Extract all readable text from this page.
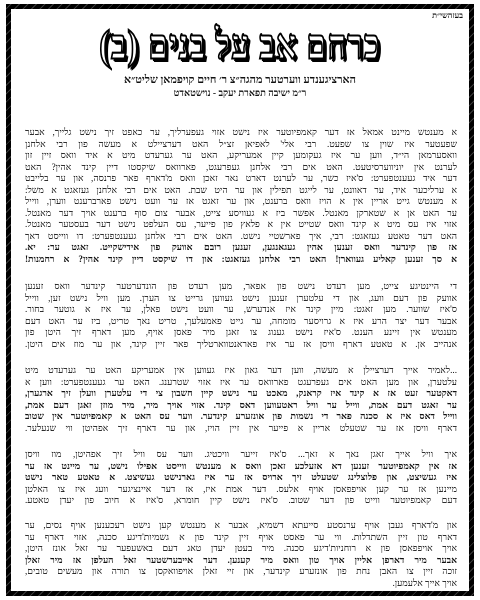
בעזהשי״ת
כרחם אב על בנים (ב)
הארציגענדע ווערטער מהגה״צ ר׳ חיים קויפמאן שליט״א
ר״מ ישיבה תפארת יעקב - נוישטאדט
א מענטש מיינט אמאל אז דער קאמפיוטער איז נישט אזוי געפערליך, ער כאפט זיך נישט גלייך, אבער
שפעטער איז שוין צו שפעט. רבי אלי' לאפיאן זצ״ל האט דערציילט א מעשה פון רבי אלחנן
וואסערמאן הי״ד, ווען ער איז געקומען קיין אמעריקע, האט ער גערעדט מיט א איד וואס זיין זון
לערנט אין יוניווערסיטעט. האט אים רבי אלחנן געפרעגט, פארוואס שיקסטו דיין קינד אהין? האט
דער איד געענטפערט: ס'איז כשר, ער לערנט דארט נאר זאכן וואס מ'דארף פאר פרנסה, און ער בלייבט
א ערליכער איד, ער דאוונט, ער לייגט תפילין און ער היט שבת. האט אים רבי אלחנן געזאגט א משל:
א מענטש גייט אריין אין א הויז וואס ברענט, און ער זאגט אז ער וועט נישט פארברענט ווערן, ווייל
ער האט אן א שטארקן מאנטל. אפשר ביז א געוויסע צייט, אבער צום סוף ברענט אויך דער מאנטל.
אזוי איז עס מיט א קינד וואס שטייט אין א פלאץ פון פייער, עס העלפט נישט דער בעסטער מאנטל.
האט דער טאטע געזאגט: רבי, איך פארשטיי נישט. האט אים רבי אלחנן געענטפערט: דו ווייסט דאך
אז פון קינדער וואס זענען אהין געגאנגען, זענען רובם אוועק פון אידישקייט. זאגט ער: יא.
א סך זענען קאליע געווארן! האט רבי אלחנן געזאגט: און דו שיקסט דיין קינד אהין? א רחמנות!
די היינטיגע צייט, מען רעדט נישט פון אפאר, מען רעדט פון הונדערטער קינדער וואס זענען
אוועק פון דעם וועג, און די עלטערן זענען נישט געווען גרייט צו הערן. מען וויל נישט זען, ווייל
ס'איז שווער. מען זאגט: מיין קינד איז אנדערש, ער וועט נישט פאלן, ער איז א גוטער בחור.
אבער דער יצר הרע איז א גרויסער מומחה, ער גייט פאמעלעך, טריט נאך טריט, ביז ער האט דעם
מענטש אין זיינע הענט. ס'איז נישט גענוג צו זאגן מיר פאסן אויף, מען דארף זיך היטן פון
אנהייב אן. א טאטע דארף וויסן אז ער איז פאראנטווארטליך פאר זיין קינד, און ער מוז אים היטן.
...לאמיר אייך דערציילן א מעשה, ווען דער גאון איז געווען אין אמעריקע האט ער גערעדט מיט
עלטערן, און מען האט אים געפרעגט פארוואס ער איז אזוי שטרענג. האט ער געענטפערט: ווען א
דאקטער זעט אז א קינד איז קראנק, מאכט ער נישט קיין חשבון צי די עלטערן וועלן זיך ארגערן,
ער זאגט דעם אמת, ווייל ער וויל ראטעווען דאס קינד. אזוי אויך מיר, מיר מוזן זאגן דעם אמת,
ווייל דאס איז א סכנה פאר די נשמות פון אונזערע קינדער. ווער עס האט א קאמפיוטער אין שטוב
דארף וויסן אז ער שטעלט אריין א פייער אין זיין הויז, און ער דארף זיך אפהיטן ווי שנעלער.
איך וויל אייך זאגן נאך א זאך... ס'איז זייער וויכטיג. ווער עס וויל זיך אפהיטן, מוז וויסן
אז אין קאמפיוטער זענען דא אזעלכע זאכן וואס א מענטש ווייסט אפילו נישט, ער מיינט אז ער
איז געשיצט, און פלוצלינג שטעלט זיך ארויס אז ער איז גארנישט געשיצט. א טאטע טאר נישט
מיינען אז ער קען אויפפאסן אויף אלעס. דער אמת איז, אז דער איינציגער וועג איז צו האלטן
דעם קאמפיוטער ווייט פון דער שטוב. ס'איז נישט קיין חומרא, ס'איז א חיוב פון יעדן טאטע.
און מ'דארף געבן אויף ערנסטע סייעתא דשמיא, אבער א מענטש קען נישט רעכענען אויף נסים, ער
דארף טון זיין השתדלות. ווי ער פאסט אויף זיין קינד פון א גשמיות'דיגע סכנה, אזוי דארף ער
אויך אויפפאסן פון א רוחניות'דיגע סכנה. מיר בעטן יעדן טאג דעם באשעפער ער זאל אונז היטן,
אבער מיר דארפן אליין אויך טון וואס מיר קענען. דער אייבערשטער זאל העלפן אז מיר זאלן
זוכה זיין צו האבן נחת פון אונזערע קינדער, און זיי זאלן אויפוואקסן צו תורה און מעשים טובים,
אויך אייך אלעמען.
